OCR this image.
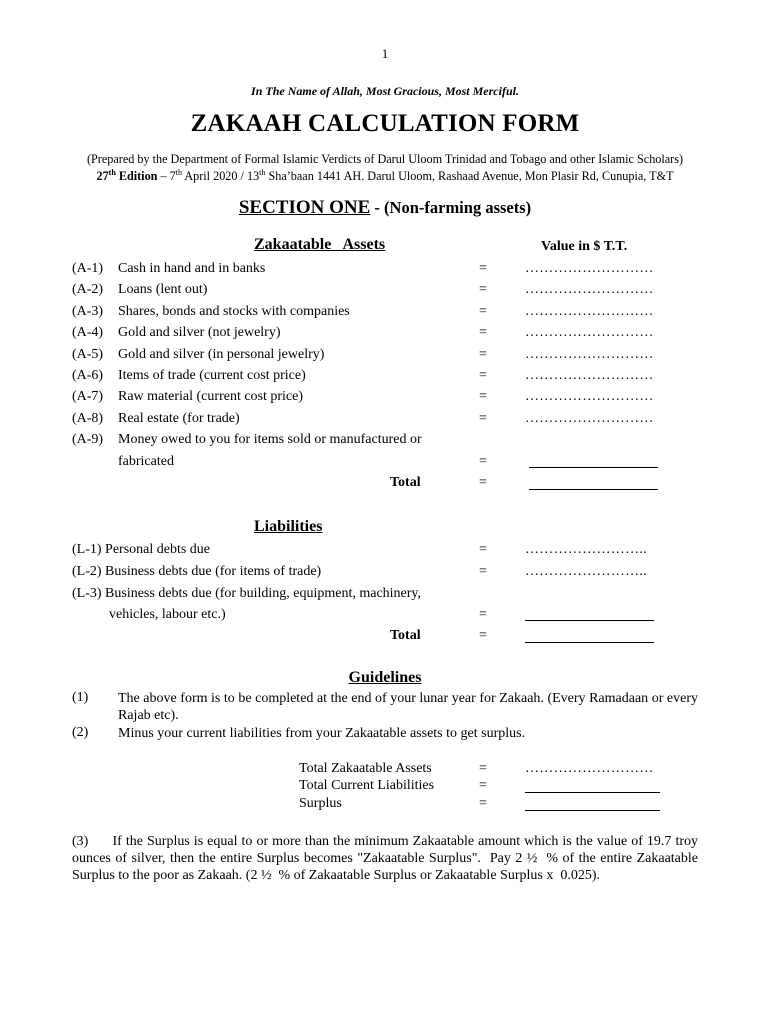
1
In The Name of Allah, Most Gracious, Most Merciful.
ZAKAAH CALCULATION FORM
(Prepared by the Department of Formal Islamic Verdicts of Darul Uloom Trinidad and Tobago and other Islamic Scholars)
27th Edition – 7th April 2020 / 13th Sha’baan 1441 AH. Darul Uloom, Rashaad Avenue, Mon Plasir Rd, Cunupia, T&T
SECTION ONE - (Non-farming assets)
Zakaatable   Assets	Value in $ T.T.
(A-1) Cash in hand and in banks	=	………………………
(A-2) Loans (lent out)	=	………………………
(A-3) Shares, bonds and stocks with companies	=	………………………
(A-4) Gold and silver (not jewelry)	=	………………………
(A-5) Gold and silver (in personal jewelry)	=	………………………
(A-6) Items of trade (current cost price)	=	………………………
(A-7) Raw material (current cost price)	=	………………………
(A-8) Real estate (for trade)	=	………………………
(A-9) Money owed to you for items sold or manufactured or
fabricated	=
Total	=
Liabilities
(L-1) Personal debts due	=	……………………..
(L-2) Business debts due (for items of trade)	=	……………………..
(L-3) Business debts due (for building, equipment, machinery,
vehicles, labour etc.)	=
Total	=
Guidelines
(1) The above form is to be completed at the end of your lunar year for Zakaah. (Every Ramadaan or every Rajab etc).
(2) Minus your current liabilities from your Zakaatable assets to get surplus.
Total Zakaatable Assets	=	………………………
Total Current Liabilities	=
Surplus	=
(3)      If the Surplus is equal to or more than the minimum Zakaatable amount which is the value of 19.7 troy ounces of silver, then the entire Surplus becomes "Zakaatable Surplus".  Pay 2 ½  % of the entire Zakaatable Surplus to the poor as Zakaah. (2 ½  % of Zakaatable Surplus or Zakaatable Surplus x  0.025).
